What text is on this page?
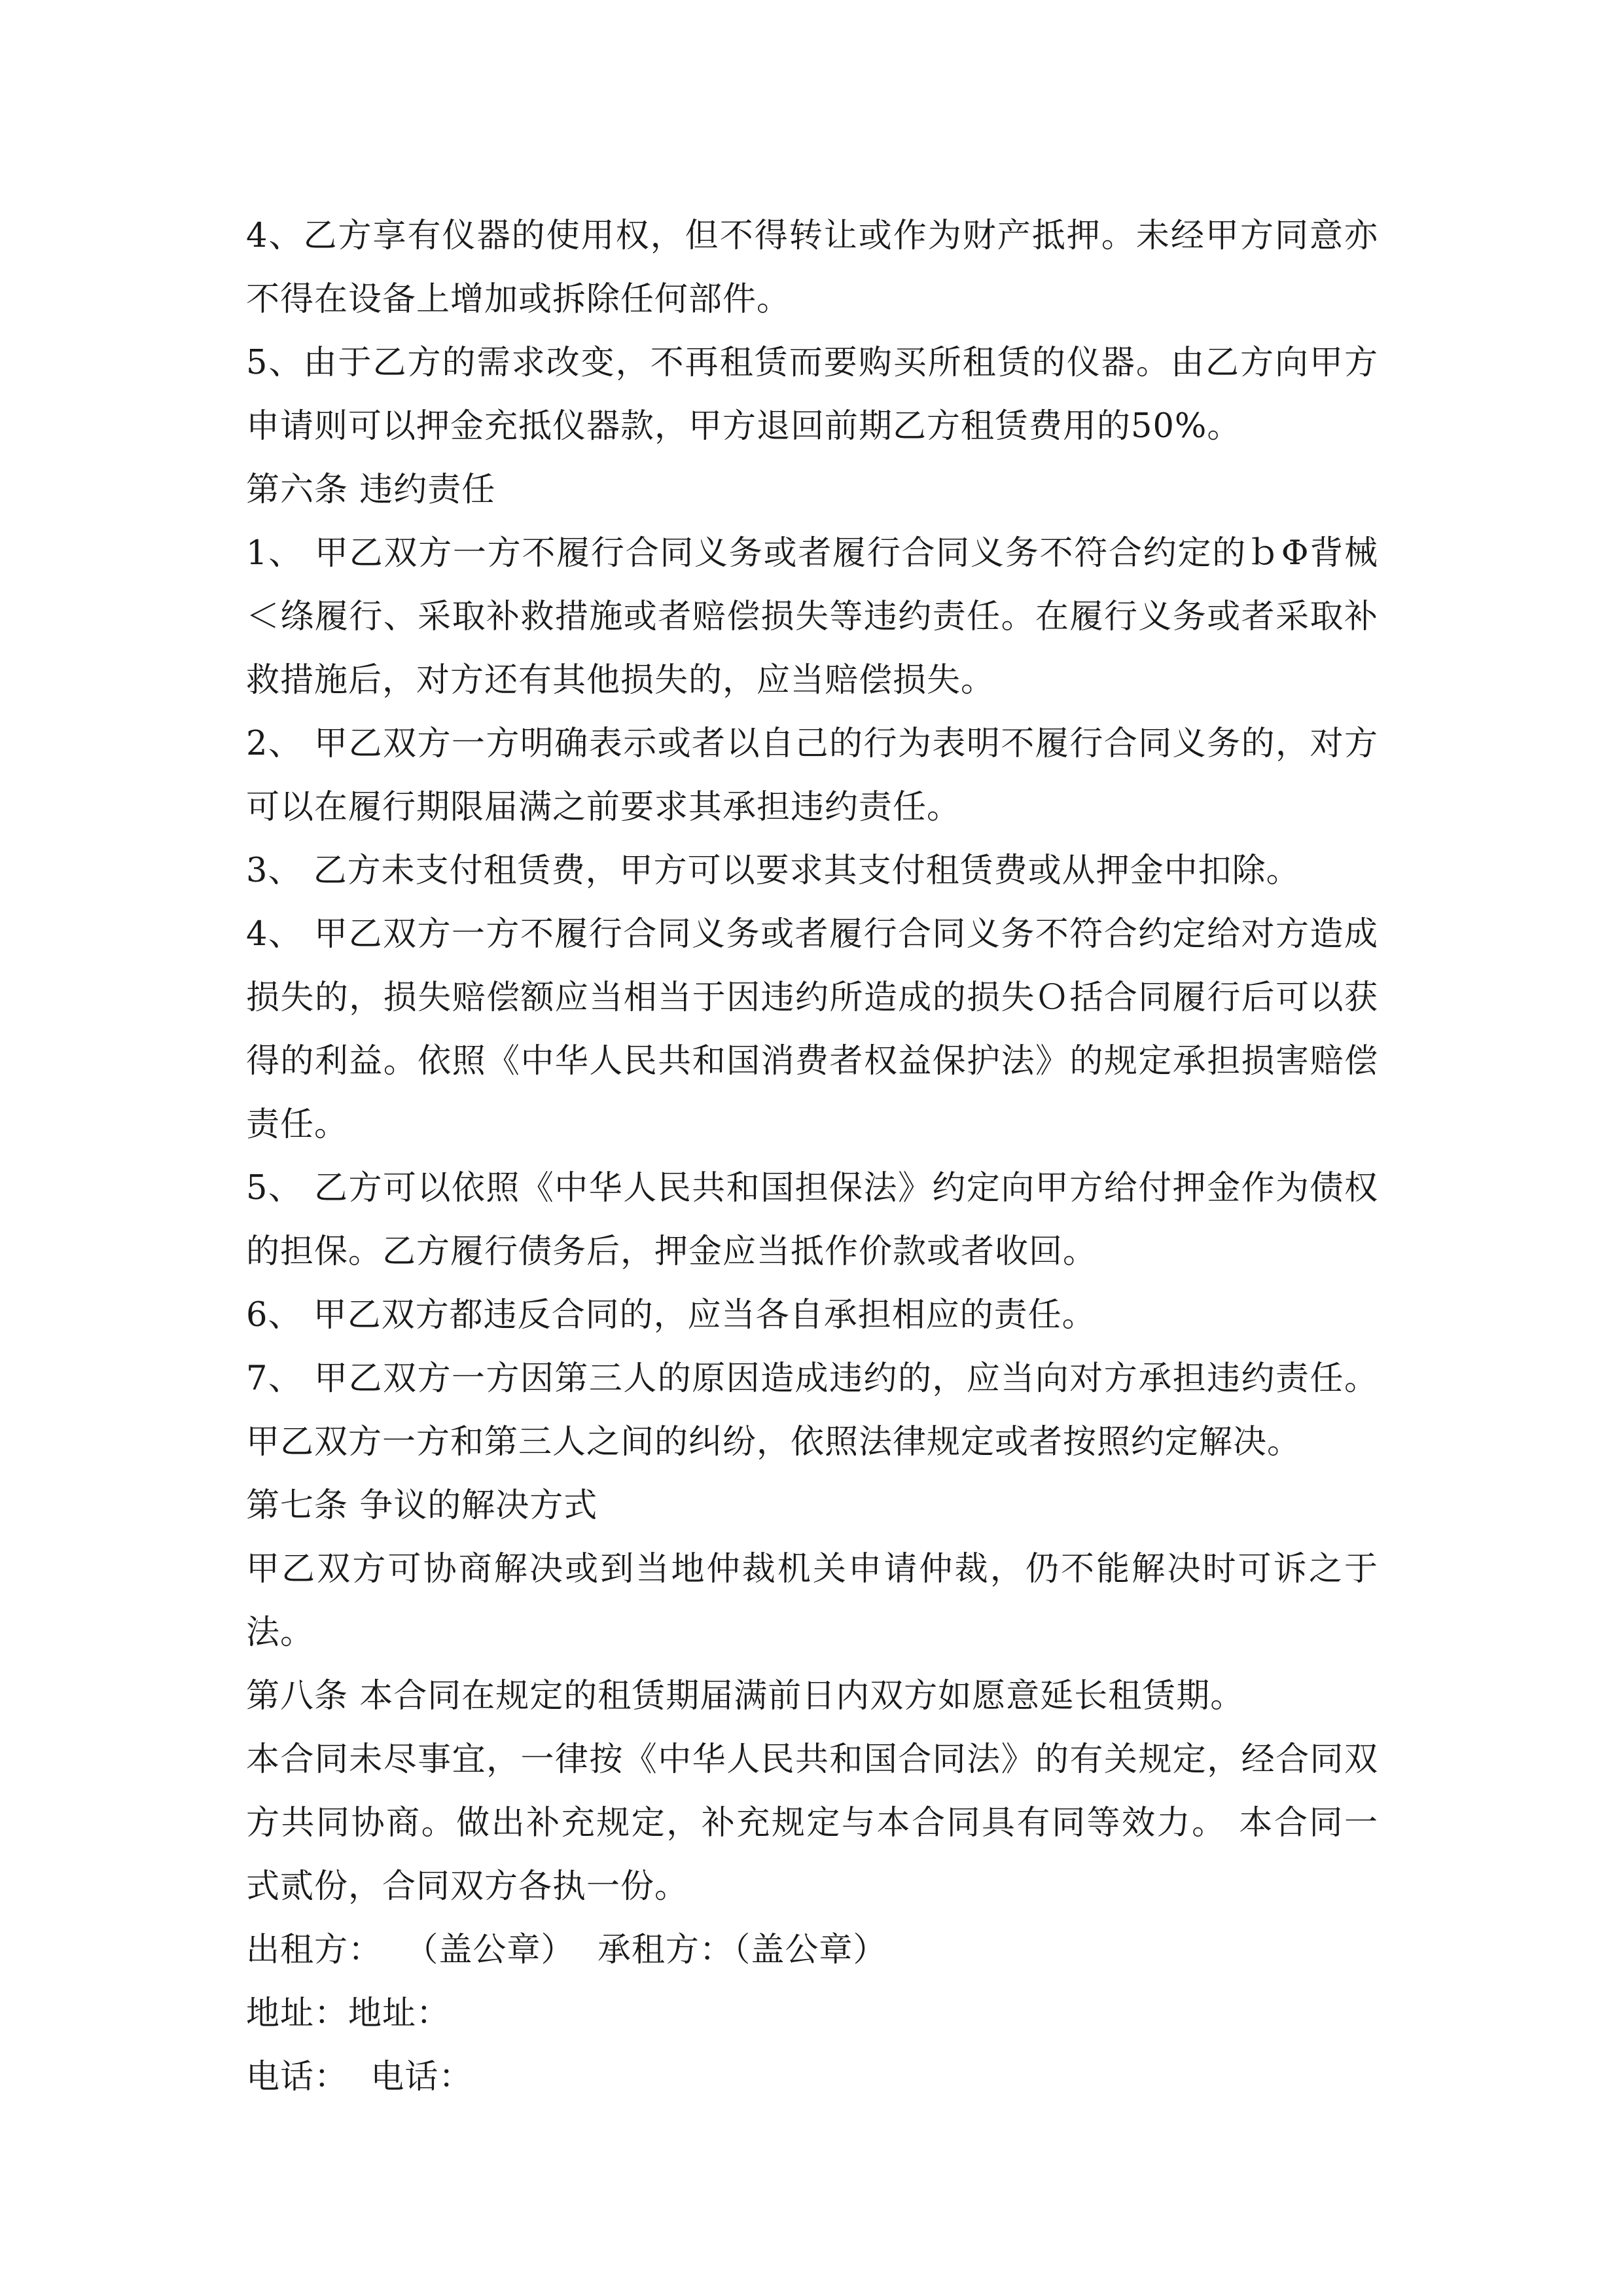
4、乙方享有仪器的使用权，但不得转让或作为财产抵押。未经甲方同意亦不得在设备上增加或拆除任何部件。

5、由于乙方的需求改变，不再租赁而要购买所租赁的仪器。由乙方向甲方申请则可以押金充抵仪器款，甲方退回前期乙方租赁费用的50%。

第六条 违约责任

1、 甲乙双方一方不履行合同义务或者履行合同义务不符合约定的ｂΦ背械＜绦履行、采取补救措施或者赔偿损失等违约责任。在履行义务或者采取补救措施后，对方还有其他损失的，应当赔偿损失。

2、 甲乙双方一方明确表示或者以自己的行为表明不履行合同义务的，对方可以在履行期限届满之前要求其承担违约责任。

3、 乙方未支付租赁费，甲方可以要求其支付租赁费或从押金中扣除。

4、 甲乙双方一方不履行合同义务或者履行合同义务不符合约定给对方造成损失的，损失赔偿额应当相当于因违约所造成的损失Ｏ括合同履行后可以获得的利益。依照《中华人民共和国消费者权益保护法》的规定承担损害赔偿责任。

5、 乙方可以依照《中华人民共和国担保法》约定向甲方给付押金作为债权的担保。乙方履行债务后，押金应当抵作价款或者收回。

6、 甲乙双方都违反合同的，应当各自承担相应的责任。

7、 甲乙双方一方因第三人的原因造成违约的，应当向对方承担违约责任。甲乙双方一方和第三人之间的纠纷，依照法律规定或者按照约定解决。

第七条 争议的解决方式

甲乙双方可协商解决或到当地仲裁机关申请仲裁，仍不能解决时可诉之于法。

第八条 本合同在规定的租赁期届满前日内双方如愿意延长租赁期。

本合同未尽事宜，一律按《中华人民共和国合同法》的有关规定，经合同双方共同协商。做出补充规定，补充规定与本合同具有同等效力。 本合同一式贰份，合同双方各执一份。

出租方：  （盖公章）  承租方：（盖公章）

地址：地址：

电话：  电话：
